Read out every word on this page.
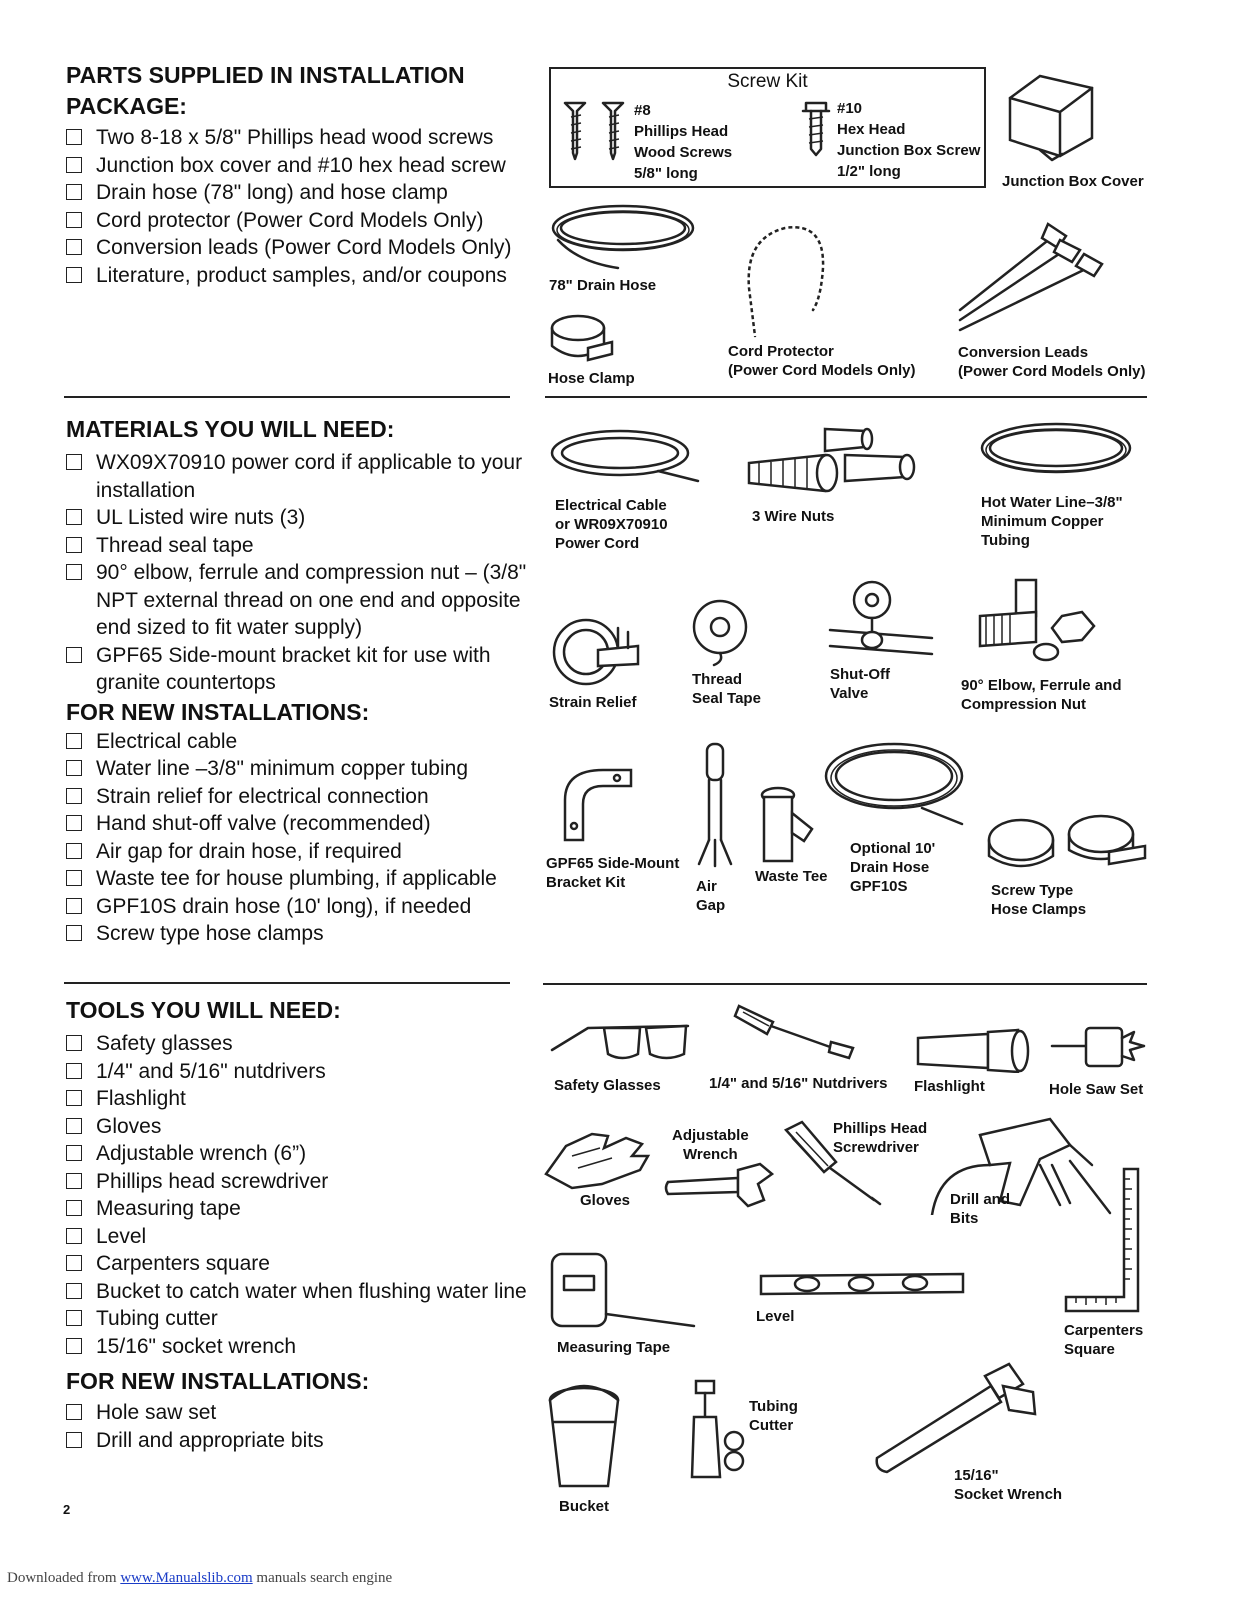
PARTS SUPPLIED IN INSTALLATION PACKAGE:
Two 8-18 x 5/8" Phillips head wood screws
Junction box cover and #10 hex head screw
Drain hose (78" long) and hose clamp
Cord protector (Power Cord Models Only)
Conversion leads (Power Cord Models Only)
Literature, product samples, and/or coupons
MATERIALS YOU WILL NEED:
WX09X70910 power cord if applicable to your installation
UL Listed wire nuts (3)
Thread seal tape
90° elbow, ferrule and compression nut – (3/8" NPT external thread on one end and opposite end sized to fit water supply)
GPF65 Side-mount bracket kit for use with granite countertops
FOR NEW INSTALLATIONS:
Electrical cable
Water line –3/8" minimum copper tubing
Strain relief for electrical connection
Hand shut-off valve (recommended)
Air gap for drain hose, if required
Waste tee for house plumbing, if applicable
GPF10S drain hose (10' long), if needed
Screw type hose clamps
TOOLS YOU WILL NEED:
Safety glasses
1/4" and 5/16" nutdrivers
Flashlight
Gloves
Adjustable wrench (6”)
Phillips head screwdriver
Measuring tape
Level
Carpenters square
Bucket to catch water when flushing water line
Tubing cutter
15/16" socket wrench
FOR NEW INSTALLATIONS:
Hole saw set
Drill and appropriate bits
Screw Kit
#8
Phillips Head
Wood Screws
5/8" long
#10
Hex Head
Junction Box Screw
1/2" long
Junction Box Cover
78" Drain Hose
Hose Clamp
Cord Protector
(Power Cord Models Only)
Conversion Leads
(Power Cord Models Only)
Electrical Cable
or WR09X70910
Power Cord
3 Wire Nuts
Hot Water Line–3/8"
Minimum Copper
Tubing
Strain Relief
Thread
Seal Tape
Shut-Off
Valve	90° Elbow, Ferrule and
Compression Nut
GPF65 Side-Mount
Bracket Kit	Air
Gap
Waste Tee
Optional 10'
Drain Hose
GPF10S	Screw Type
Hose Clamps
Safety Glasses	1/4" and 5/16" Nutdrivers Flashlight	Hole Saw Set
Gloves
Adjustable
Wrench
Phillips Head
Screwdriver
Drill and
Bits
Carpenters
Square
Measuring Tape
Level
Bucket
Tubing
Cutter
15/16"
Socket Wrench
2
Downloaded from www.Manualslib.com manuals search engine
